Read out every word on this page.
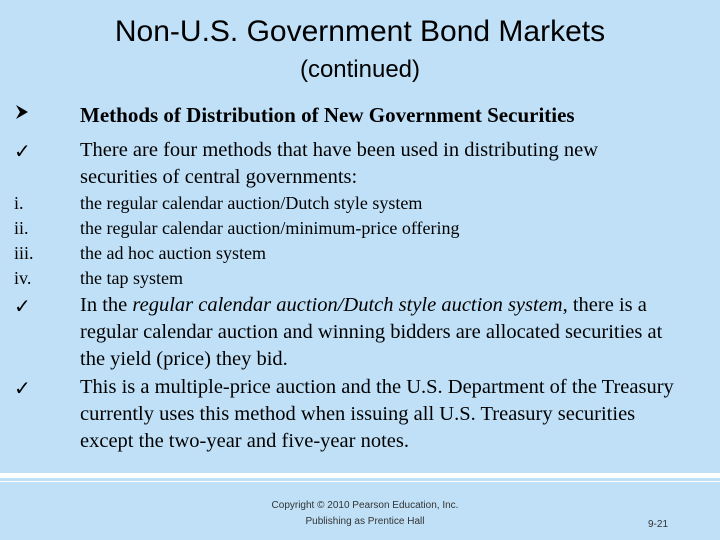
Non-U.S. Government Bond Markets
(continued)
Methods of Distribution of New Government Securities
✓ There are four methods that have been used in distributing new securities of central governments:
i.	the regular calendar auction/Dutch style system
ii.	the regular calendar auction/minimum-price offering
iii.	the ad hoc auction system
iv.	the tap system
✓ In the regular calendar auction/Dutch style auction system, there is a regular calendar auction and winning bidders are allocated securities at the yield (price) they bid.
✓ This is a multiple-price auction and the U.S. Department of the Treasury currently uses this method when issuing all U.S. Treasury securities except the two-year and five-year notes.
Copyright © 2010 Pearson Education, Inc.
Publishing as Prentice Hall	9-21
